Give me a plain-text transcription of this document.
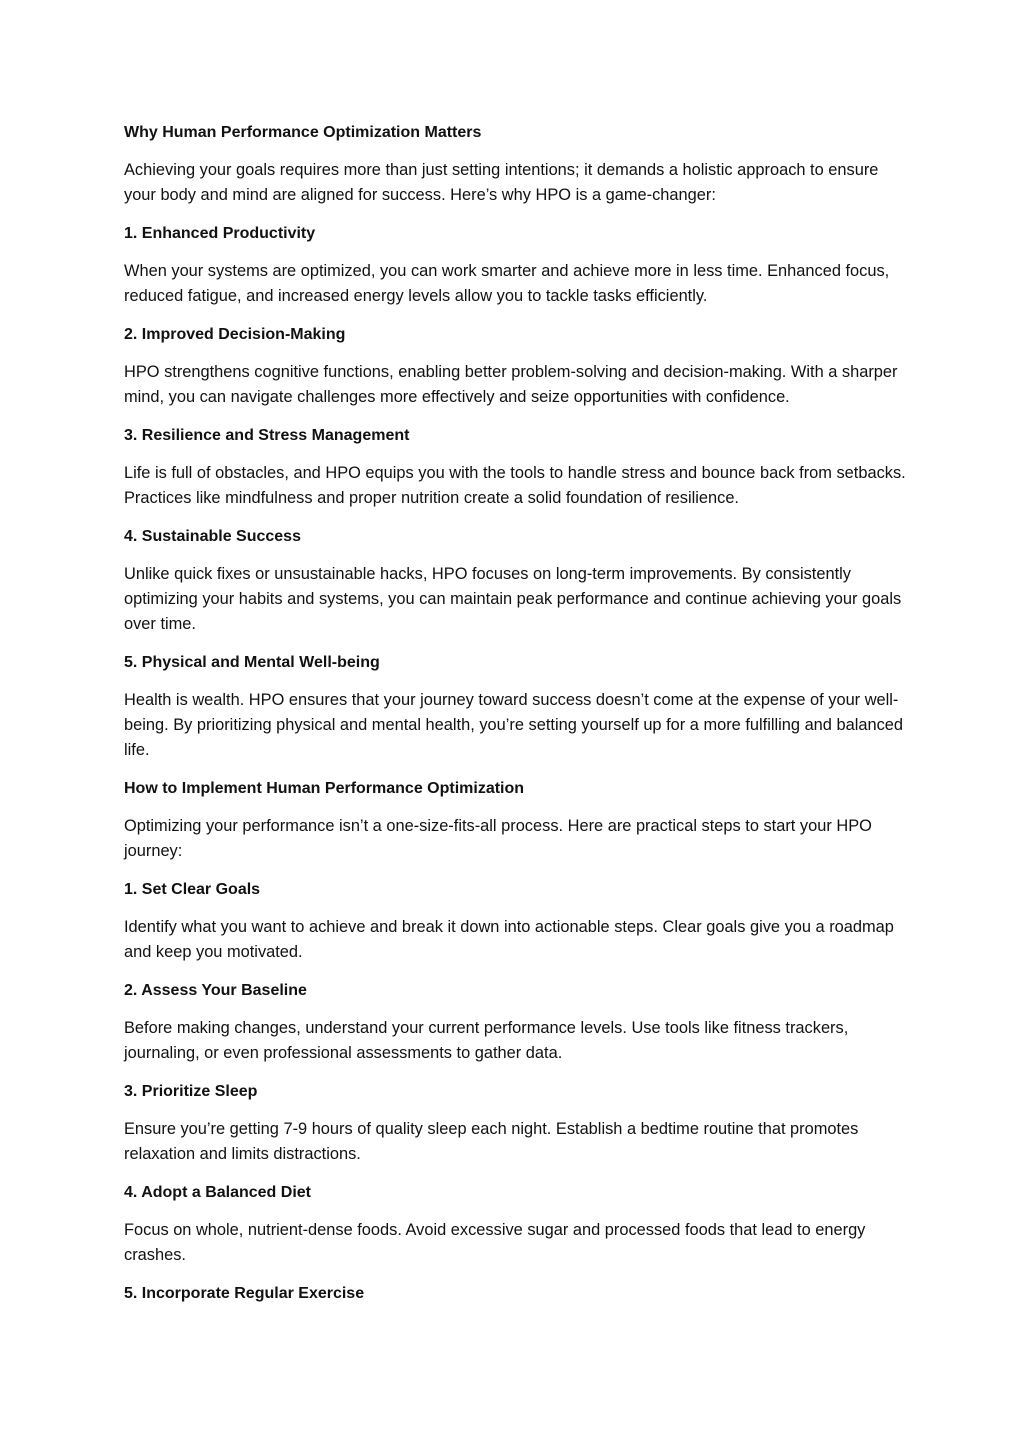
Why Human Performance Optimization Matters
Achieving your goals requires more than just setting intentions; it demands a holistic approach to ensure your body and mind are aligned for success. Here’s why HPO is a game-changer:
1. Enhanced Productivity
When your systems are optimized, you can work smarter and achieve more in less time. Enhanced focus, reduced fatigue, and increased energy levels allow you to tackle tasks efficiently.
2. Improved Decision-Making
HPO strengthens cognitive functions, enabling better problem-solving and decision-making. With a sharper mind, you can navigate challenges more effectively and seize opportunities with confidence.
3. Resilience and Stress Management
Life is full of obstacles, and HPO equips you with the tools to handle stress and bounce back from setbacks. Practices like mindfulness and proper nutrition create a solid foundation of resilience.
4. Sustainable Success
Unlike quick fixes or unsustainable hacks, HPO focuses on long-term improvements. By consistently optimizing your habits and systems, you can maintain peak performance and continue achieving your goals over time.
5. Physical and Mental Well-being
Health is wealth. HPO ensures that your journey toward success doesn’t come at the expense of your well-being. By prioritizing physical and mental health, you’re setting yourself up for a more fulfilling and balanced life.
How to Implement Human Performance Optimization
Optimizing your performance isn’t a one-size-fits-all process. Here are practical steps to start your HPO journey:
1. Set Clear Goals
Identify what you want to achieve and break it down into actionable steps. Clear goals give you a roadmap and keep you motivated.
2. Assess Your Baseline
Before making changes, understand your current performance levels. Use tools like fitness trackers, journaling, or even professional assessments to gather data.
3. Prioritize Sleep
Ensure you’re getting 7-9 hours of quality sleep each night. Establish a bedtime routine that promotes relaxation and limits distractions.
4. Adopt a Balanced Diet
Focus on whole, nutrient-dense foods. Avoid excessive sugar and processed foods that lead to energy crashes.
5. Incorporate Regular Exercise
